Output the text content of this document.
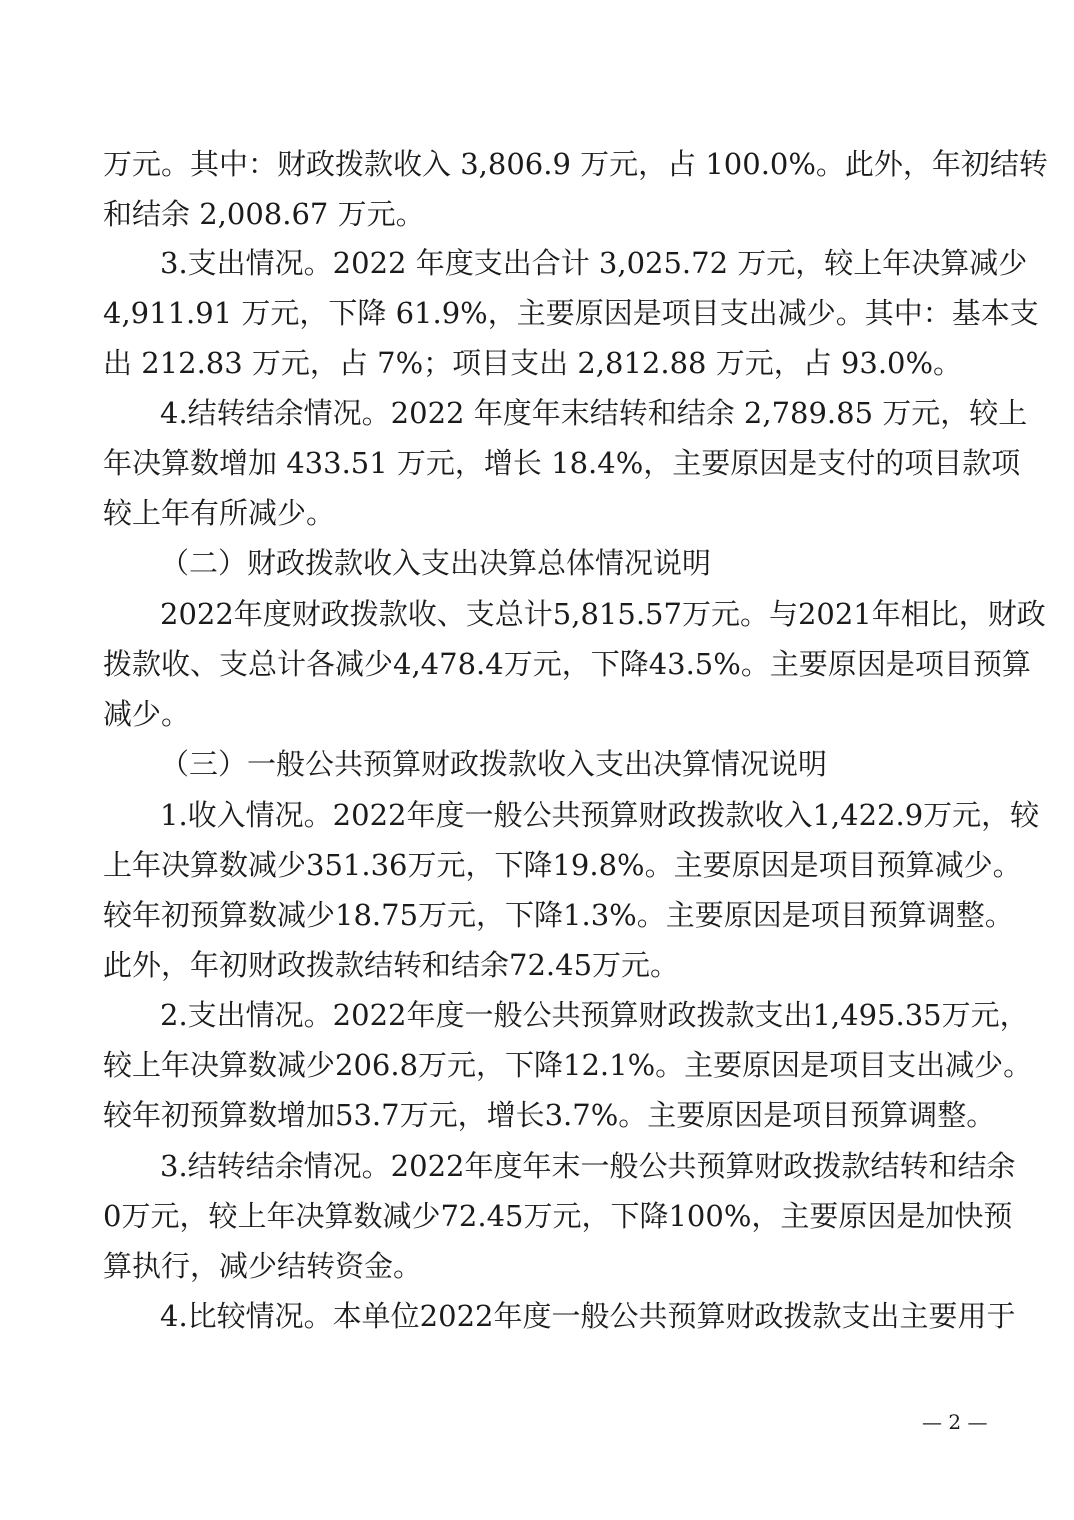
万元。其中：财政拨款收入 3,806.9 万元，占 100.0%。此外，年初结转
和结余 2,008.67 万元。
3.支出情况。2022 年度支出合计 3,025.72 万元，较上年决算减少
4,911.91 万元，下降 61.9%，主要原因是项目支出减少。其中：基本支
出 212.83 万元，占 7%；项目支出 2,812.88 万元，占 93.0%。
4.结转结余情况。2022 年度年末结转和结余 2,789.85 万元，较上
年决算数增加 433.51 万元，增长 18.4%，主要原因是支付的项目款项
较上年有所减少。
（二）财政拨款收入支出决算总体情况说明
2022年度财政拨款收、支总计5,815.57万元。与2021年相比，财政
拨款收、支总计各减少4,478.4万元，下降43.5%。主要原因是项目预算
减少。
（三）一般公共预算财政拨款收入支出决算情况说明
1.收入情况。2022年度一般公共预算财政拨款收入1,422.9万元，较
上年决算数减少351.36万元，下降19.8%。主要原因是项目预算减少。
较年初预算数减少18.75万元，下降1.3%。主要原因是项目预算调整。
此外，年初财政拨款结转和结余72.45万元。
2.支出情况。2022年度一般公共预算财政拨款支出1,495.35万元，
较上年决算数减少206.8万元，下降12.1%。主要原因是项目支出减少。
较年初预算数增加53.7万元，增长3.7%。主要原因是项目预算调整。
3.结转结余情况。2022年度年末一般公共预算财政拨款结转和结余
0万元，较上年决算数减少72.45万元，下降100%，主要原因是加快预
算执行，减少结转资金。
4.比较情况。本单位2022年度一般公共预算财政拨款支出主要用于
— 2 —
